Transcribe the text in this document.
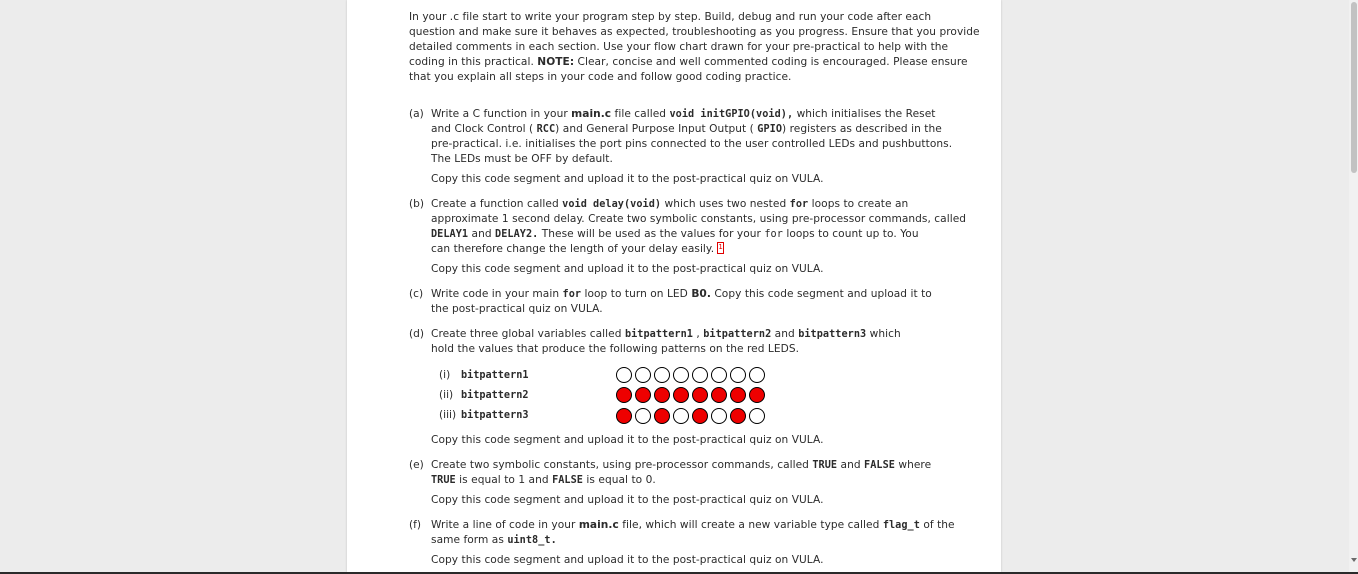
In your .c file start to write your program step by step. Build, debug and run your code after each
question and make sure it behaves as expected, troubleshooting as you progress. Ensure that you provide
detailed comments in each section. Use your flow chart drawn for your pre-practical to help with the
coding in this practical. NOTE: Clear, concise and well commented coding is encouraged. Please ensure
that you explain all steps in your code and follow good coding practice.
(a) Write a C function in your main.c file called void initGPIO(void), which initialises the Reset
and Clock Control ( RCC) and General Purpose Input Output ( GPIO) registers as described in the
pre-practical. i.e. initialises the port pins connected to the user controlled LEDs and pushbuttons.
The LEDs must be OFF by default.
Copy this code segment and upload it to the post-practical quiz on VULA.
(b) Create a function called void delay(void) which uses two nested for loops to create an
approximate 1 second delay. Create two symbolic constants, using pre-processor commands, called
DELAY1 and DELAY2. These will be used as the values for your for loops to count up to. You
can therefore change the length of your delay easily. 1
Copy this code segment and upload it to the post-practical quiz on VULA.
(c) Write code in your main for loop to turn on LED B0. Copy this code segment and upload it to
the post-practical quiz on VULA.
(d) Create three global variables called bitpattern1 , bitpattern2 and bitpattern3 which
hold the values that produce the following patterns on the red LEDS.
(i) bitpattern1
(ii) bitpattern2
(iii) bitpattern3
Copy this code segment and upload it to the post-practical quiz on VULA.
(e) Create two symbolic constants, using pre-processor commands, called TRUE and FALSE where
TRUE is equal to 1 and FALSE is equal to 0.
Copy this code segment and upload it to the post-practical quiz on VULA.
(f) Write a line of code in your main.c file, which will create a new variable type called flag_t of the
same form as uint8_t.
Copy this code segment and upload it to the post-practical quiz on VULA.
